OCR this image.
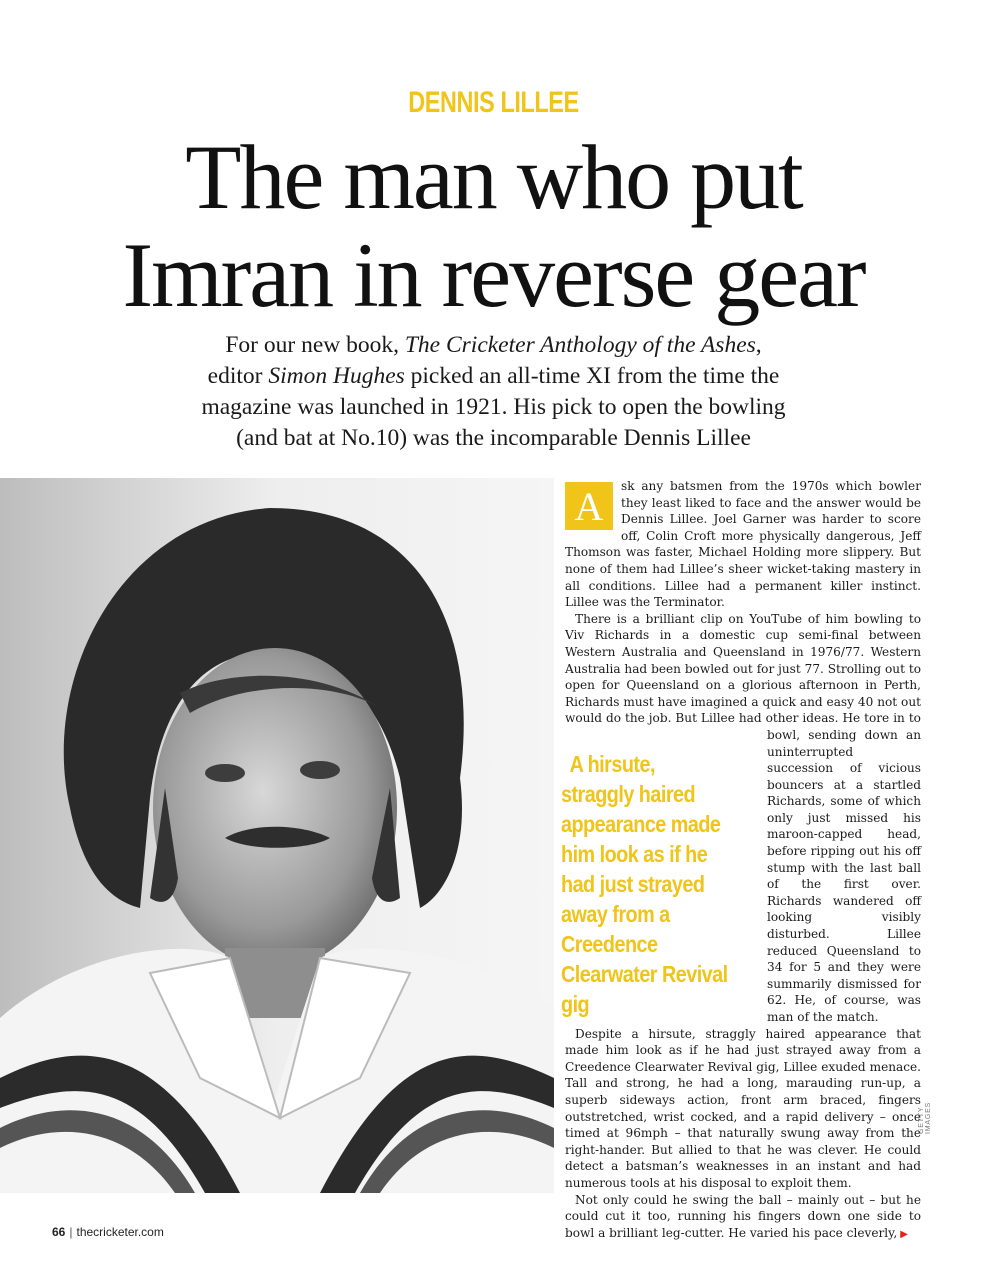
DENNIS LILLEE
The man who put
Imran in reverse gear

For our new book, The Cricketer Anthology of the Ashes,

editor Simon Hughes picked an all-time XI from the time the

magazine was launched in 1921. His pick to open the bowling

(and bat at No.10) was the incomparable Dennis Lillee

A	sk any batsmen from the 1970s which bowler they least liked to face and the answer would be Dennis Lillee. Joel Garner was harder to score off, Colin Croft more physically dangerous, Jeff Thomson was faster, Michael Holding more slippery. But none of them had Lillee’s sheer wicket-taking mastery in all conditions. Lillee had a permanent killer instinct. Lillee was the Terminator.

There is a brilliant clip on YouTube of him bowling to Viv Richards in a domestic cup semi-final between Western Australia and Queensland in 1976/77. Western Australia had been bowled out for just 77. Strolling out to open for Queensland on a glorious afternoon in Perth, Richards must have imagined a quick and easy 40 not out would do the job. But Lillee had other ideas. He tore
A hirsute, straggly haired appearance made him look as if he had just strayed away from a Creedence Clearwater Revival gig
in to bowl, sending down an uninterrupted succession of vicious bouncers at a startled Richards, some of which only just missed his maroon-capped head, before ripping out his off stump with the last ball of the first over. Richards wandered off looking visibly disturbed. Lillee reduced Queensland to 34 for 5 and they were summarily dismissed for 62. He, of course, was man of the match.

Despite a hirsute, straggly haired appearance that made him look as if he had just strayed away from a Creedence Clearwater Revival gig, Lillee exuded menace. Tall and strong, he had a long, marauding run-up, a superb sideways action, front arm braced, fingers outstretched, wrist cocked, and a rapid delivery – once timed at 96mph – that naturally swung away from the right-hander. But allied to that he was clever. He could detect a batsman’s weaknesses in an instant and had numerous tools at his disposal to exploit them.

Not only could he swing the ball – mainly out – but he could cut it too, running his fingers down one side to bowl a brilliant leg-cutter. He varied his pace cleverly, ▶

GETTY IMAGES
66 | thecricketer.com
